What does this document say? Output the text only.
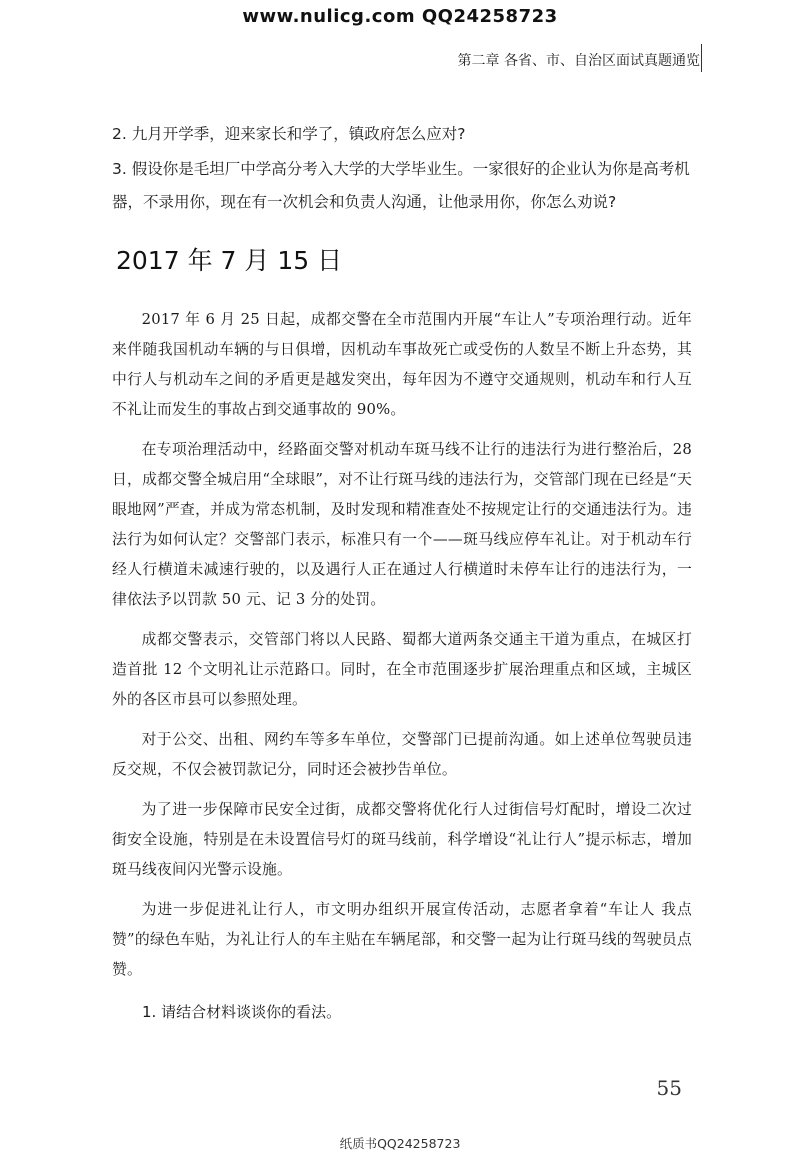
www.nulicg.com QQ24258723
第二章 各省、市、自治区面试真题通览

2. 九月开学季，迎来家长和学了，镇政府怎么应对?

3. 假设你是毛坦厂中学高分考入大学的大学毕业生。一家很好的企业认为你是高考机器，不录用你，现在有一次机会和负责人沟通，让他录用你，你怎么劝说?

2017 年 7 月 15 日

2017 年 6 月 25 日起，成都交警在全市范围内开展“车让人”专项治理行动。近年来伴随我国机动车辆的与日俱增，因机动车事故死亡或受伤的人数呈不断上升态势，其中行人与机动车之间的矛盾更是越发突出，每年因为不遵守交通规则，机动车和行人互不礼让而发生的事故占到交通事故的 90%。

在专项治理活动中，经路面交警对机动车斑马线不让行的违法行为进行整治后，28 日，成都交警全城启用“全球眼”，对不让行斑马线的违法行为，交管部门现在已经是“天眼地网”严查，并成为常态机制，及时发现和精准查处不按规定让行的交通违法行为。违法行为如何认定？交警部门表示，标准只有一个——斑马线应停车礼让。对于机动车行经人行横道未减速行驶的，以及遇行人正在通过人行横道时未停车让行的违法行为，一律依法予以罚款 50 元、记 3 分的处罚。

成都交警表示，交管部门将以人民路、蜀都大道两条交通主干道为重点，在城区打造首批 12 个文明礼让示范路口。同时，在全市范围逐步扩展治理重点和区域，主城区外的各区市县可以参照处理。

对于公交、出租、网约车等多车单位，交警部门已提前沟通。如上述单位驾驶员违反交规，不仅会被罚款记分，同时还会被抄告单位。

为了进一步保障市民安全过街，成都交警将优化行人过街信号灯配时，增设二次过街安全设施，特别是在未设置信号灯的斑马线前，科学增设“礼让行人”提示标志，增加斑马线夜间闪光警示设施。

为进一步促进礼让行人，市文明办组织开展宣传活动，志愿者拿着“车让人 我点赞”的绿色车贴，为礼让行人的车主贴在车辆尾部，和交警一起为让行斑马线的驾驶员点赞。

1. 请结合材料谈谈你的看法。

55
纸质书QQ24258723
